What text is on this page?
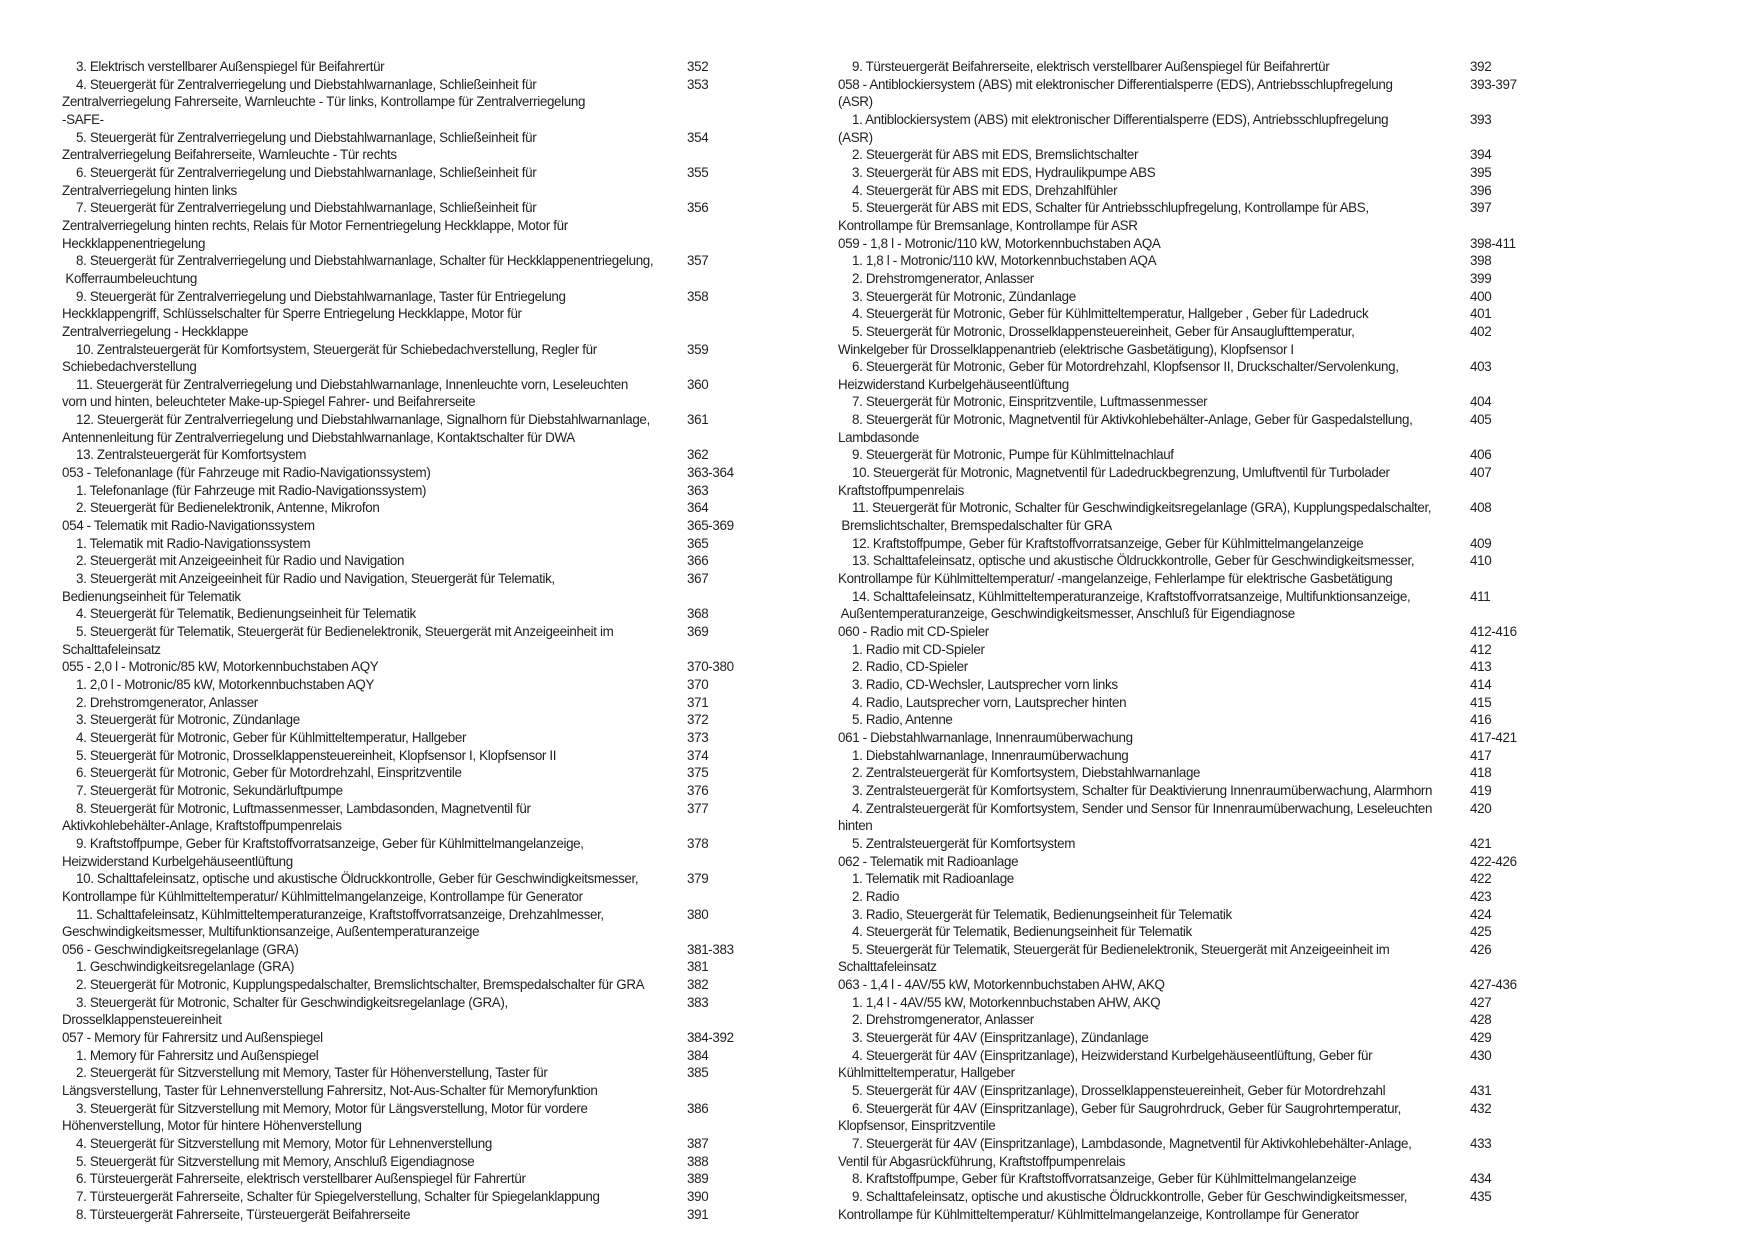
3. Elektrisch verstellbarer Außenspiegel für Beifahrertür	352
4. Steuergerät für Zentralverriegelung und Diebstahlwarnanlage, Schließeinheit für
Zentralverriegelung Fahrerseite, Warnleuchte - Tür links, Kontrollampe für Zentralverriegelung
-SAFE-
353
5. Steuergerät für Zentralverriegelung und Diebstahlwarnanlage, Schließeinheit für
Zentralverriegelung Beifahrerseite, Warnleuchte - Tür rechts
354
6. Steuergerät für Zentralverriegelung und Diebstahlwarnanlage, Schließeinheit für
Zentralverriegelung hinten links
355
7. Steuergerät für Zentralverriegelung und Diebstahlwarnanlage, Schließeinheit für
Zentralverriegelung hinten rechts, Relais für Motor Fernentriegelung Heckklappe, Motor für
Heckklappenentriegelung
356
8. Steuergerät für Zentralverriegelung und Diebstahlwarnanlage, Schalter für Heckklappenentriegelung,
Kofferraumbeleuchtung
357
9. Steuergerät für Zentralverriegelung und Diebstahlwarnanlage, Taster für Entriegelung
Heckklappengriff, Schlüsselschalter für Sperre Entriegelung Heckklappe, Motor für
Zentralverriegelung - Heckklappe
358
10. Zentralsteuergerät für Komfortsystem, Steuergerät für Schiebedachverstellung, Regler für
Schiebedachverstellung
359
11. Steuergerät für Zentralverriegelung und Diebstahlwarnanlage, Innenleuchte vorn, Leseleuchten
vorn und hinten, beleuchteter Make-up-Spiegel Fahrer- und Beifahrerseite
360
12. Steuergerät für Zentralverriegelung und Diebstahlwarnanlage, Signalhorn für Diebstahlwarnanlage,
Antennenleitung für Zentralverriegelung und Diebstahlwarnanlage, Kontaktschalter für DWA
361
13. Zentralsteuergerät für Komfortsystem	362
053 - Telefonanlage (für Fahrzeuge mit Radio-Navigationssystem)	363-364
1. Telefonanlage (für Fahrzeuge mit Radio-Navigationssystem)	363
2. Steuergerät für Bedienelektronik, Antenne, Mikrofon	364
054 - Telematik mit Radio-Navigationssystem	365-369
1. Telematik mit Radio-Navigationssystem	365
2. Steuergerät mit Anzeigeeinheit für Radio und Navigation	366
3. Steuergerät mit Anzeigeeinheit für Radio und Navigation, Steuergerät für Telematik,
Bedienungseinheit für Telematik
367
4. Steuergerät für Telematik, Bedienungseinheit für Telematik	368
5. Steuergerät für Telematik, Steuergerät für Bedienelektronik, Steuergerät mit Anzeigeeinheit im
Schalttafeleinsatz
369
055 - 2,0 l - Motronic/85 kW, Motorkennbuchstaben AQY	370-380
1. 2,0 l - Motronic/85 kW, Motorkennbuchstaben AQY	370
2. Drehstromgenerator, Anlasser	371
3. Steuergerät für Motronic, Zündanlage	372
4. Steuergerät für Motronic, Geber für Kühlmitteltemperatur, Hallgeber	373
5. Steuergerät für Motronic, Drosselklappensteuereinheit, Klopfsensor I, Klopfsensor II	374
6. Steuergerät für Motronic, Geber für Motordrehzahl, Einspritzventile	375
7. Steuergerät für Motronic, Sekundärluftpumpe	376
8. Steuergerät für Motronic, Luftmassenmesser, Lambdasonden, Magnetventil für
Aktivkohlebehälter-Anlage, Kraftstoffpumpenrelais
377
9. Kraftstoffpumpe, Geber für Kraftstoffvorratsanzeige, Geber für Kühlmittelmangelanzeige,
Heizwiderstand Kurbelgehäuseentlüftung
378
10. Schalttafeleinsatz, optische und akustische Öldruckkontrolle, Geber für Geschwindigkeitsmesser,
Kontrollampe für Kühlmitteltemperatur/ Kühlmittelmangelanzeige, Kontrollampe für Generator
379
11. Schalttafeleinsatz, Kühlmitteltemperaturanzeige, Kraftstoffvorratsanzeige, Drehzahlmesser,
Geschwindigkeitsmesser, Multifunktionsanzeige, Außentemperaturanzeige
380
056 - Geschwindigkeitsregelanlage (GRA)	381-383
1. Geschwindigkeitsregelanlage (GRA)	381
2. Steuergerät für Motronic, Kupplungspedalschalter, Bremslichtschalter, Bremspedalschalter für GRA	382
3. Steuergerät für Motronic, Schalter für Geschwindigkeitsregelanlage (GRA),
Drosselklappensteuereinheit
383
057 - Memory für Fahrersitz und Außenspiegel	384-392
1. Memory für Fahrersitz und Außenspiegel	384
2. Steuergerät für Sitzverstellung mit Memory, Taster für Höhenverstellung, Taster für
Längsverstellung, Taster für Lehnenverstellung Fahrersitz, Not-Aus-Schalter für Memoryfunktion
385
3. Steuergerät für Sitzverstellung mit Memory, Motor für Längsverstellung, Motor für vordere
Höhenverstellung, Motor für hintere Höhenverstellung
386
4. Steuergerät für Sitzverstellung mit Memory, Motor für Lehnenverstellung	387
5. Steuergerät für Sitzverstellung mit Memory, Anschluß Eigendiagnose	388
6. Türsteuergerät Fahrerseite, elektrisch verstellbarer Außenspiegel für Fahrertür	389
7. Türsteuergerät Fahrerseite, Schalter für Spiegelverstellung, Schalter für Spiegelanklappung	390
8. Türsteuergerät Fahrerseite, Türsteuergerät Beifahrerseite	391
9. Türsteuergerät Beifahrerseite, elektrisch verstellbarer Außenspiegel für Beifahrertür	392
058 - Antiblockiersystem (ABS) mit elektronischer Differentialsperre (EDS), Antriebsschlupfregelung
(ASR)
393-397
1. Antiblockiersystem (ABS) mit elektronischer Differentialsperre (EDS), Antriebsschlupfregelung
(ASR)
393
2. Steuergerät für ABS mit EDS, Bremslichtschalter	394
3. Steuergerät für ABS mit EDS, Hydraulikpumpe ABS	395
4. Steuergerät für ABS mit EDS, Drehzahlfühler	396
5. Steuergerät für ABS mit EDS, Schalter für Antriebsschlupfregelung, Kontrollampe für ABS,
Kontrollampe für Bremsanlage, Kontrollampe für ASR
397
059 - 1,8 l - Motronic/110 kW, Motorkennbuchstaben AQA	398-411
1. 1,8 l - Motronic/110 kW, Motorkennbuchstaben AQA	398
2. Drehstromgenerator, Anlasser	399
3. Steuergerät für Motronic, Zündanlage	400
4. Steuergerät für Motronic, Geber für Kühlmitteltemperatur, Hallgeber , Geber für Ladedruck	401
5. Steuergerät für Motronic, Drosselklappensteuereinheit, Geber für Ansauglufttemperatur,
Winkelgeber für Drosselklappenantrieb (elektrische Gasbetätigung), Klopfsensor I
402
6. Steuergerät für Motronic, Geber für Motordrehzahl, Klopfsensor II, Druckschalter/Servolenkung,
Heizwiderstand Kurbelgehäuseentlüftung
403
7. Steuergerät für Motronic, Einspritzventile, Luftmassenmesser	404
8. Steuergerät für Motronic, Magnetventil für Aktivkohlebehälter-Anlage, Geber für Gaspedalstellung,
Lambdasonde
405
9. Steuergerät für Motronic, Pumpe für Kühlmittelnachlauf	406
10. Steuergerät für Motronic, Magnetventil für Ladedruckbegrenzung, Umluftventil für Turbolader
Kraftstoffpumpenrelais
407
11. Steuergerät für Motronic, Schalter für Geschwindigkeitsregelanlage (GRA), Kupplungspedalschalter,
Bremslichtschalter, Bremspedalschalter für GRA
408
12. Kraftstoffpumpe, Geber für Kraftstoffvorratsanzeige, Geber für Kühlmittelmangelanzeige	409
13. Schalttafeleinsatz, optische und akustische Öldruckkontrolle, Geber für Geschwindigkeitsmesser,
Kontrollampe für Kühlmitteltemperatur/ -mangelanzeige, Fehlerlampe für elektrische Gasbetätigung
410
14. Schalttafeleinsatz, Kühlmitteltemperaturanzeige, Kraftstoffvorratsanzeige, Multifunktionsanzeige,
Außentemperaturanzeige, Geschwindigkeitsmesser, Anschluß für Eigendiagnose
411
060 - Radio mit CD-Spieler	412-416
1. Radio mit CD-Spieler	412
2. Radio, CD-Spieler	413
3. Radio, CD-Wechsler, Lautsprecher vorn links	414
4. Radio, Lautsprecher vorn, Lautsprecher hinten	415
5. Radio, Antenne	416
061 - Diebstahlwarnanlage, Innenraumüberwachung	417-421
1. Diebstahlwarnanlage, Innenraumüberwachung	417
2. Zentralsteuergerät für Komfortsystem, Diebstahlwarnanlage	418
3. Zentralsteuergerät für Komfortsystem, Schalter für Deaktivierung Innenraumüberwachung, Alarmhorn	419
4. Zentralsteuergerät für Komfortsystem, Sender und Sensor für Innenraumüberwachung, Leseleuchten
hinten
420
5. Zentralsteuergerät für Komfortsystem	421
062 - Telematik mit Radioanlage	422-426
1. Telematik mit Radioanlage	422
2. Radio	423
3. Radio, Steuergerät für Telematik, Bedienungseinheit für Telematik	424
4. Steuergerät für Telematik, Bedienungseinheit für Telematik	425
5. Steuergerät für Telematik, Steuergerät für Bedienelektronik, Steuergerät mit Anzeigeeinheit im
Schalttafeleinsatz
426
063 - 1,4 l - 4AV/55 kW, Motorkennbuchstaben AHW, AKQ	427-436
1. 1,4 l - 4AV/55 kW, Motorkennbuchstaben AHW, AKQ	427
2. Drehstromgenerator, Anlasser	428
3. Steuergerät für 4AV (Einspritzanlage), Zündanlage	429
4. Steuergerät für 4AV (Einspritzanlage), Heizwiderstand Kurbelgehäuseentlüftung, Geber für
Kühlmitteltemperatur, Hallgeber
430
5. Steuergerät für 4AV (Einspritzanlage), Drosselklappensteuereinheit, Geber für Motordrehzahl	431
6. Steuergerät für 4AV (Einspritzanlage), Geber für Saugrohrdruck, Geber für Saugrohrtemperatur,
Klopfsensor, Einspritzventile
432
7. Steuergerät für 4AV (Einspritzanlage), Lambdasonde, Magnetventil für Aktivkohlebehälter-Anlage,
Ventil für Abgasrückführung, Kraftstoffpumpenrelais
433
8. Kraftstoffpumpe, Geber für Kraftstoffvorratsanzeige, Geber für Kühlmittelmangelanzeige	434
9. Schalttafeleinsatz, optische und akustische Öldruckkontrolle, Geber für Geschwindigkeitsmesser,
Kontrollampe für Kühlmitteltemperatur/ Kühlmittelmangelanzeige, Kontrollampe für Generator
435
